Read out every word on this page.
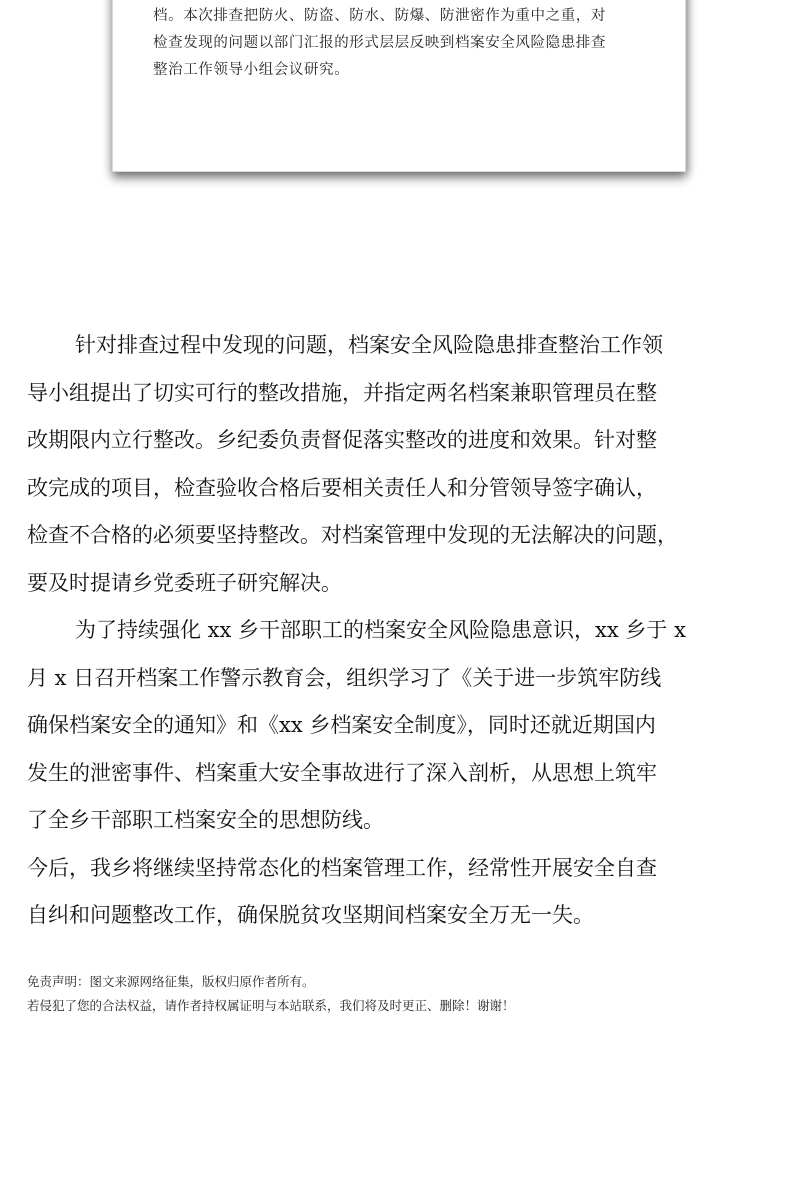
档。本次排查把防火、防盗、防水、防爆、防泄密作为重中之重，对
检查发现的问题以部门汇报的形式层层反映到档案安全风险隐患排查
整治工作领导小组会议研究。
针对排查过程中发现的问题，档案安全风险隐患排查整治工作领
导小组提出了切实可行的整改措施，并指定两名档案兼职管理员在整
改期限内立行整改。乡纪委负责督促落实整改的进度和效果。针对整
改完成的项目，检查验收合格后要相关责任人和分管领导签字确认，
检查不合格的必须要坚持整改。对档案管理中发现的无法解决的问题，
要及时提请乡党委班子研究解决。
为了持续强化 xx 乡干部职工的档案安全风险隐患意识，xx 乡于 x
月 x 日召开档案工作警示教育会，组织学习了《关于进一步筑牢防线
确保档案安全的通知》和《xx 乡档案安全制度》，同时还就近期国内
发生的泄密事件、档案重大安全事故进行了深入剖析，从思想上筑牢
了全乡干部职工档案安全的思想防线。
今后，我乡将继续坚持常态化的档案管理工作，经常性开展安全自查
自纠和问题整改工作，确保脱贫攻坚期间档案安全万无一失。
免责声明：图文来源网络征集，版权归原作者所有。
若侵犯了您的合法权益，请作者持权属证明与本站联系，我们将及时更正、删除！谢谢！
